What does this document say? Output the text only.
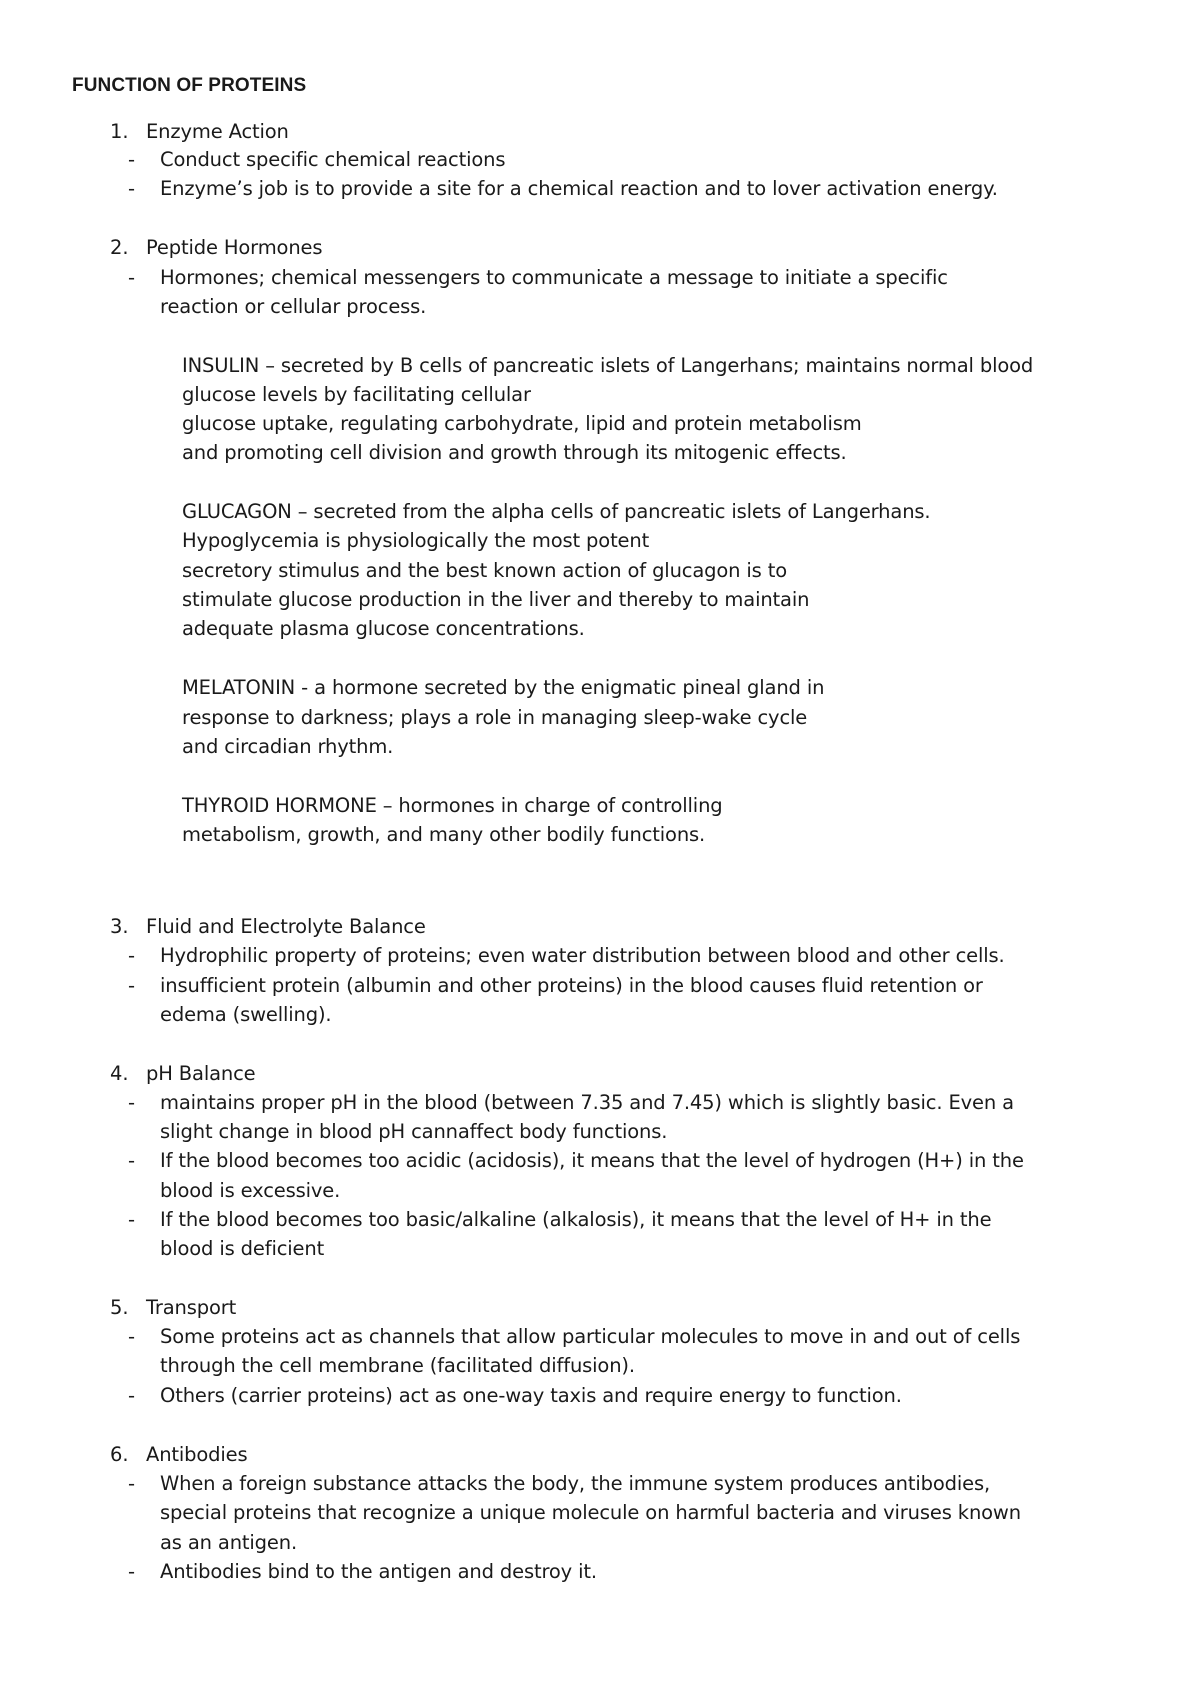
FUNCTION OF PROTEINS
1. Enzyme Action
- Conduct specific chemical reactions
- Enzyme’s job is to provide a site for a chemical reaction and to lover activation energy.
2. Peptide Hormones
- Hormones; chemical messengers to communicate a message to initiate a specific
reaction or cellular process.
INSULIN – secreted by B cells of pancreatic islets of Langerhans; maintains normal blood
glucose levels by facilitating cellular
glucose uptake, regulating carbohydrate, lipid and protein metabolism
and promoting cell division and growth through its mitogenic effects.
GLUCAGON – secreted from the alpha cells of pancreatic islets of Langerhans.
Hypoglycemia is physiologically the most potent
secretory stimulus and the best known action of glucagon is to
stimulate glucose production in the liver and thereby to maintain
adequate plasma glucose concentrations.
MELATONIN - a hormone secreted by the enigmatic pineal gland in
response to darkness; plays a role in managing sleep-wake cycle
and circadian rhythm.
THYROID HORMONE – hormones in charge of controlling
metabolism, growth, and many other bodily functions.
3. Fluid and Electrolyte Balance
- Hydrophilic property of proteins; even water distribution between blood and other cells.
- insufficient protein (albumin and other proteins) in the blood causes fluid retention or
edema (swelling).
4. pH Balance
- maintains proper pH in the blood (between 7.35 and 7.45) which is slightly basic. Even a
slight change in blood pH cannaffect body functions.
- If the blood becomes too acidic (acidosis), it means that the level of hydrogen (H+) in the
blood is excessive.
- If the blood becomes too basic/alkaline (alkalosis), it means that the level of H+ in the
blood is deficient
5. Transport
- Some proteins act as channels that allow particular molecules to move in and out of cells
through the cell membrane (facilitated diffusion).
- Others (carrier proteins) act as one-way taxis and require energy to function.
6. Antibodies
- When a foreign substance attacks the body, the immune system produces antibodies,
special proteins that recognize a unique molecule on harmful bacteria and viruses known
as an antigen.
- Antibodies bind to the antigen and destroy it.
